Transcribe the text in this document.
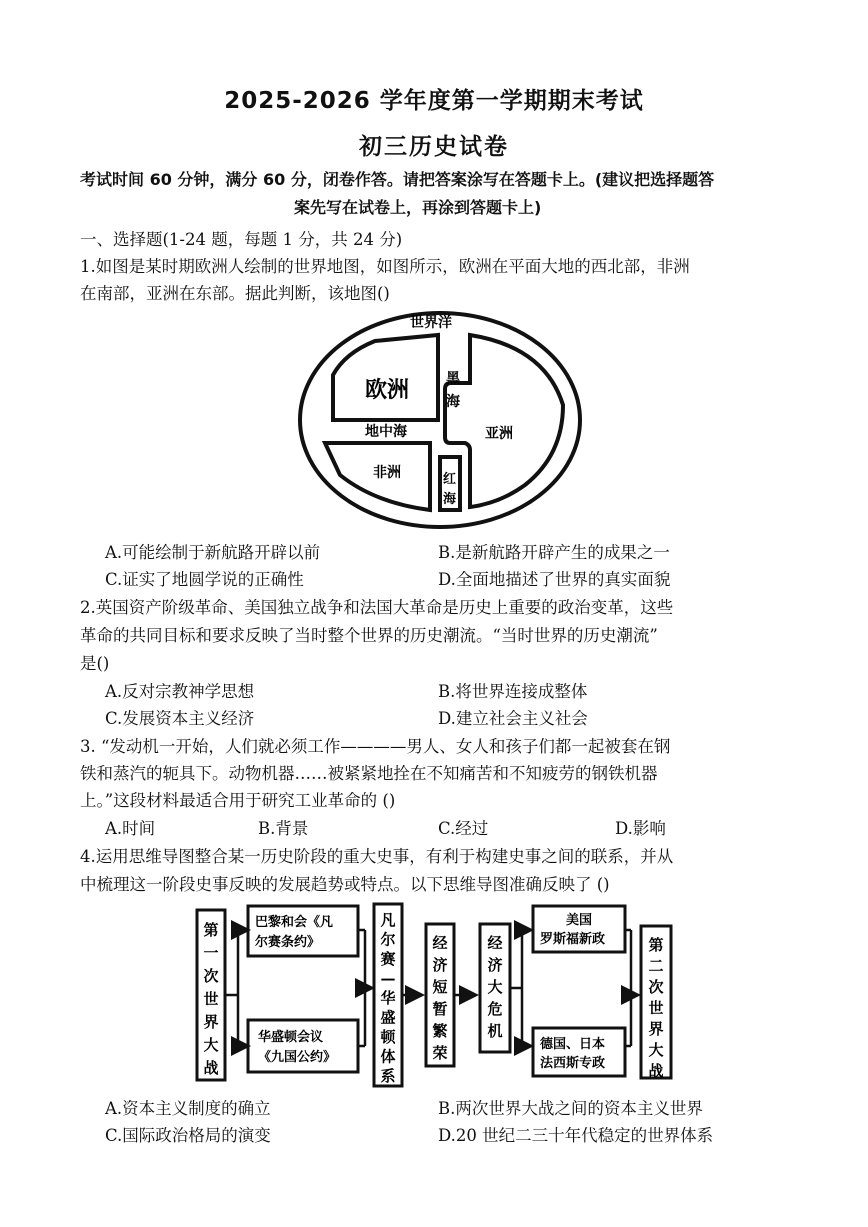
2025-2026 学年度第一学期期末考试
初三历史试卷
考试时间 60 分钟，满分 60 分，闭卷作答。请把答案涂写在答题卡上。(建议把选择题答
案先写在试卷上，再涂到答题卡上)
一、选择题(1-24 题，每题 1 分，共 24 分)
1.如图是某时期欧洲人绘制的世界地图，如图所示，欧洲在平面大地的西北部，非洲
在南部，亚洲在东部。据此判断，该地图()
世界洋
欧洲	黑
海
亚洲
地中海
非洲	红
海
A.可能绘制于新航路开辟以前	B.是新航路开辟产生的成果之一
C.证实了地圆学说的正确性	D.全面地描述了世界的真实面貌
2.英国资产阶级革命、美国独立战争和法国大革命是历史上重要的政治变革，这些
革命的共同目标和要求反映了当时整个世界的历史潮流。“当时世界的历史潮流”
是()
A.反对宗教神学思想	B.将世界连接成整体
C.发展资本主义经济	D.建立社会主义社会
3. “发动机一开始，人们就必须工作————男人、女人和孩子们都一起被套在钢
铁和蒸汽的轭具下。动物机器……被紧紧地拴在不知痛苦和不知疲劳的钢铁机器
上。”这段材料最适合用于研究工业革命的 ()
A.时间	B.背景	C.经过	D.影响
4.运用思维导图整合某一历史阶段的重大史事，有利于构建史事之间的联系，并从
中梳理这一阶段史事反映的发展趋势或特点。以下思维导图准确反映了 ()
第
一
次
世
界
大
战
巴黎和会《凡
尔赛条约》
华盛顿会议
《九国公约》
凡
尔
赛
—
华
盛
顿
体
系
经
济
短
暂
繁
荣
经
济
大
危
机
美国
罗斯福新政
德国、日本
法西斯专政
第
二
次
世
界
大
战
A.资本主义制度的确立	B.两次世界大战之间的资本主义世界
C.国际政治格局的演变	D.20 世纪二三十年代稳定的世界体系
